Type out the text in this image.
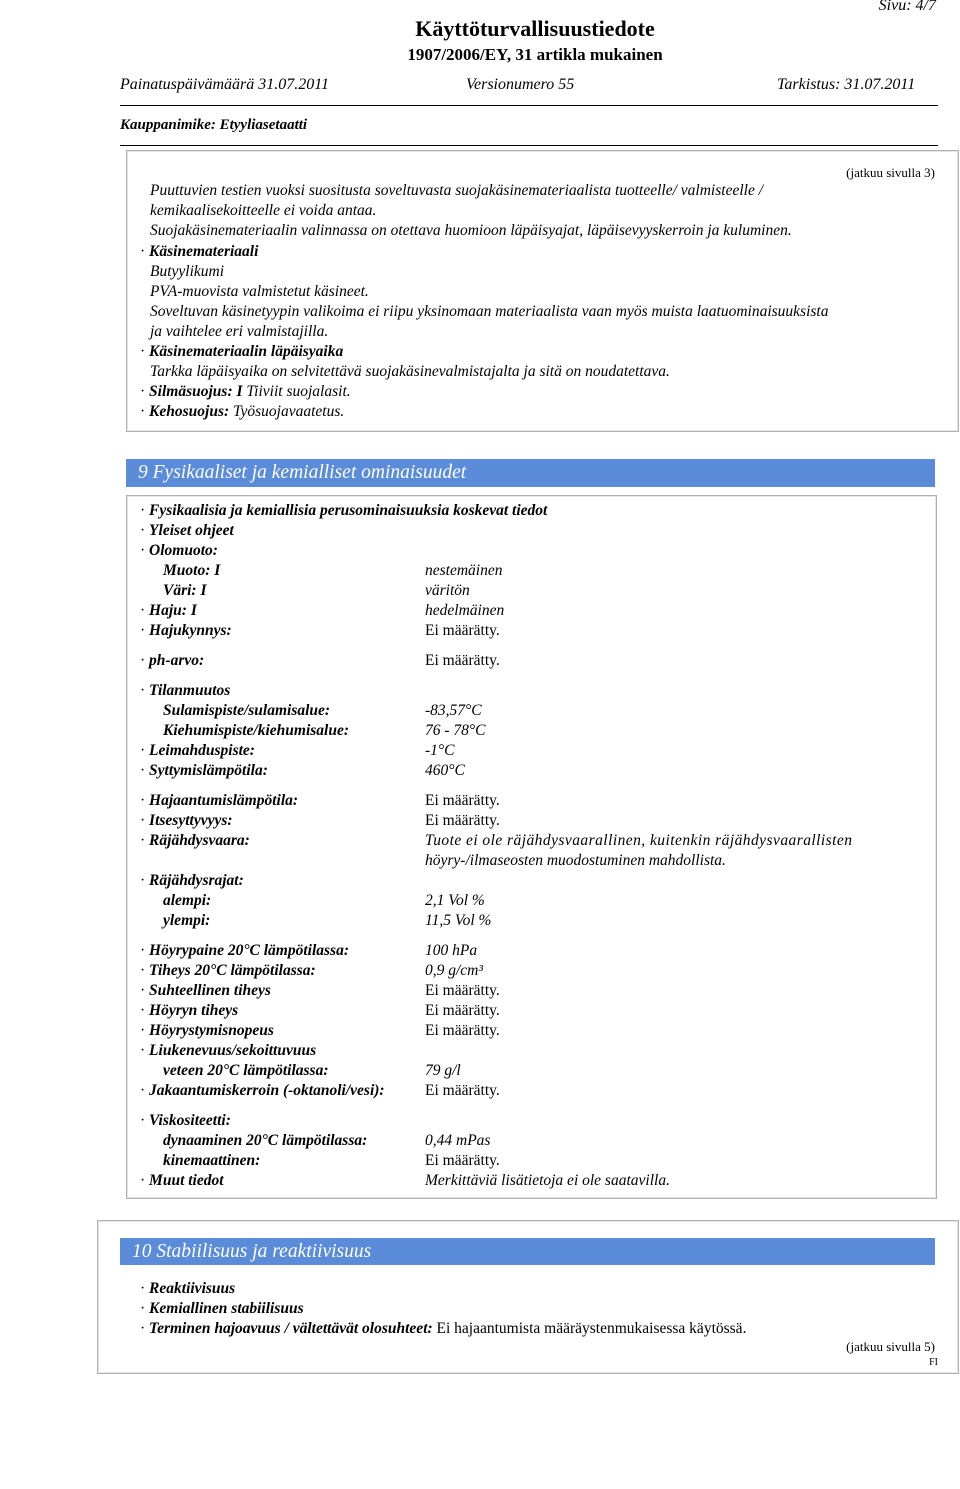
Sivu: 4/7
Käyttöturvallisuustiedote
1907/2006/EY, 31 artikla mukainen
Painatuspäivämäärä 31.07.2011	Versionumero 55	Tarkistus: 31.07.2011
Kauppanimike: Etyyliasetaatti
(jatkuu sivulla 3)
Puuttuvien testien vuoksi suositusta soveltuvasta suojakäsinemateriaalista tuotteelle/ valmisteelle /
kemikaalisekoitteelle ei voida antaa.
Suojakäsinemateriaalin valinnassa on otettava huomioon läpäisyajat, läpäisevyyskerroin ja kuluminen.
· Käsinemateriaali
Butyylikumi
PVA-muovista valmistetut käsineet.
Soveltuvan käsinetyypin valikoima ei riipu yksinomaan materiaalista vaan myös muista laatuominaisuuksista
ja vaihtelee eri valmistajilla.
· Käsinemateriaalin läpäisyaika
Tarkka läpäisyaika on selvitettävä suojakäsinevalmistajalta ja sitä on noudatettava.
· Silmäsuojus: I Tiiviit suojalasit.
· Kehosuojus: Työsuojavaatetus.
9 Fysikaaliset ja kemialliset ominaisuudet
· Fysikaalisia ja kemiallisia perusominaisuuksia koskevat tiedot
· Yleiset ohjeet
· Olomuoto:
Muoto: I	nestemäinen
Väri: I	väritön
· Haju: I	hedelmäinen
· Hajukynnys:	Ei määrätty.
· ph-arvo:	Ei määrätty.
· Tilanmuutos
Sulamispiste/sulamisalue:	-83,57°C
Kiehumispiste/kiehumisalue:	76 - 78°C
· Leimahduspiste:	-1°C
· Syttymislämpötila:	460°C
· Hajaantumislämpötila:	Ei määrätty.
· Itsesyttyvyys:	Ei määrätty.
· Räjähdysvaara:	Tuote ei ole räjähdysvaarallinen, kuitenkin räjähdysvaarallisten
höyry-/ilmaseosten muodostuminen mahdollista.
· Räjähdysrajat:
alempi:	2,1 Vol %
ylempi:	11,5 Vol %
· Höyrypaine 20°C lämpötilassa:	100 hPa
· Tiheys 20°C lämpötilassa:	0,9 g/cm³
· Suhteellinen tiheys	Ei määrätty.
· Höyryn tiheys	Ei määrätty.
· Höyrystymisnopeus	Ei määrätty.
· Liukenevuus/sekoittuvuus
veteen 20°C lämpötilassa:	79 g/l
· Jakaantumiskerroin (-oktanoli/vesi):	Ei määrätty.
· Viskositeetti:
dynaaminen 20°C lämpötilassa:	0,44 mPas
kinemaattinen:	Ei määrätty.
· Muut tiedot	Merkittäviä lisätietoja ei ole saatavilla.
10 Stabiilisuus ja reaktiivisuus
· Reaktiivisuus
· Kemiallinen stabiilisuus
· Terminen hajoavuus / vältettävät olosuhteet: Ei hajaantumista määräystenmukaisessa käytössä.
(jatkuu sivulla 5)
FI
